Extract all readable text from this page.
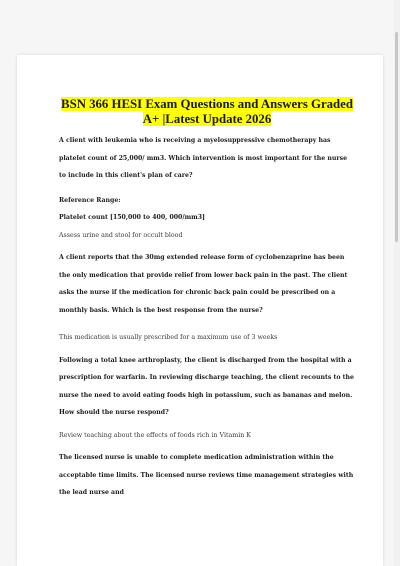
BSN 366 HESI Exam Questions and Answers Graded A+ |Latest Update 2026

A client with leukemia who is receiving a myelosuppressive chemotherapy has platelet count of 25,000/ mm3. Which intervention is most important for the nurse to include in this client's plan of care?

Reference Range:

Platelet count [150,000 to 400, 000/mm3]

Assess urine and stool for occult blood

A client reports that the 30mg extended release form of cyclobenzaprine has been the only medication that provide relief from lower back pain in the past. The client asks the nurse if the medication for chronic back pain could be prescribed on a monthly basis. Which is the best response from the nurse?

This medication is usually prescribed for a maximum use of 3 weeks

Following a total knee arthroplasty, the client is discharged from the hospital with a prescription for warfarin. In reviewing discharge teaching, the client recounts to the nurse the need to avoid eating foods high in potassium, such as bananas and melon. How should the nurse respond?

Review teaching about the effects of foods rich in Vitamin K

The licensed nurse is unable to complete medication administration within the acceptable time limits. The licensed nurse reviews time management strategies with the lead nurse and
